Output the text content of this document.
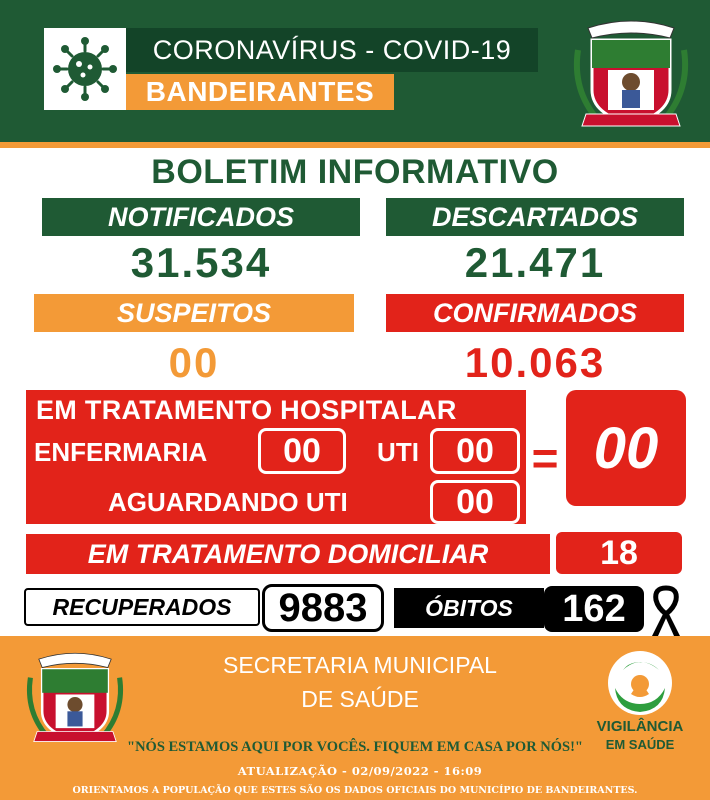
CORONAVÍRUS - COVID-19
BANDEIRANTES
BOLETIM INFORMATIVO
NOTIFICADOS	DESCARTADOS
31.534	21.471
SUSPEITOS	CONFIRMADOS
00	10.063
EM TRATAMENTO HOSPITALAR
ENFERMARIA	00	UTI	00
AGUARDANDO UTI	00
= 00
EM TRATAMENTO DOMICILIAR	18
RECUPERADOS	9883	ÓBITOS	162
SECRETARIA MUNICIPAL
DE SAÚDE
VIGILÂNCIA
EM SAÚDE
"NÓS ESTAMOS AQUI POR VOCÊS. FIQUEM EM CASA POR NÓS!"
ATUALIZAÇÃO - 02/09/2022 - 16:09
ORIENTAMOS A POPULAÇÃO QUE ESTES SÃO OS DADOS OFICIAIS DO MUNICÍPIO DE BANDEIRANTES.
